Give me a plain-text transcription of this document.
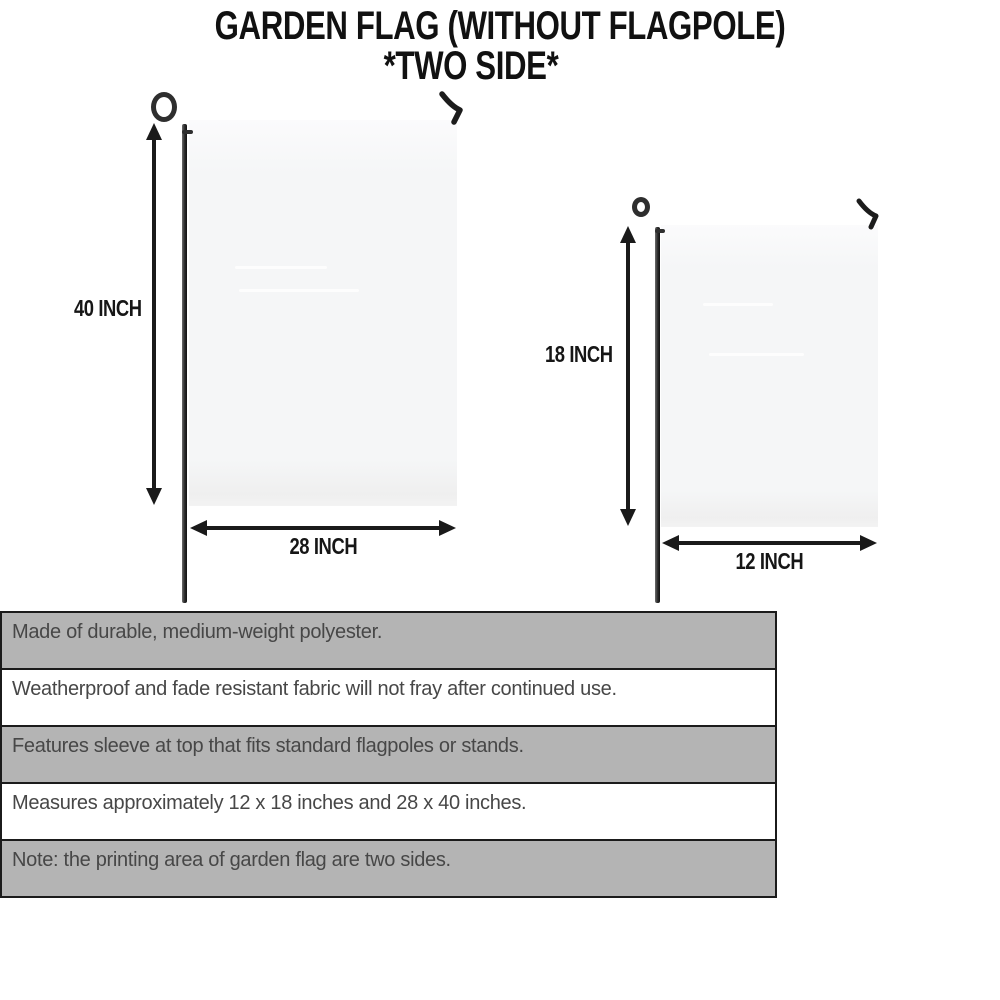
GARDEN FLAG (WITHOUT FLAGPOLE)
*TWO SIDE*
40 INCH
28 INCH
18 INCH
12 INCH
Made of durable, medium-weight polyester.
Weatherproof and fade resistant fabric will not fray after continued use.
Features sleeve at top that fits standard flagpoles or stands.
Measures approximately 12 x 18 inches and 28 x 40 inches.
Note: the printing area of garden flag are two sides.
